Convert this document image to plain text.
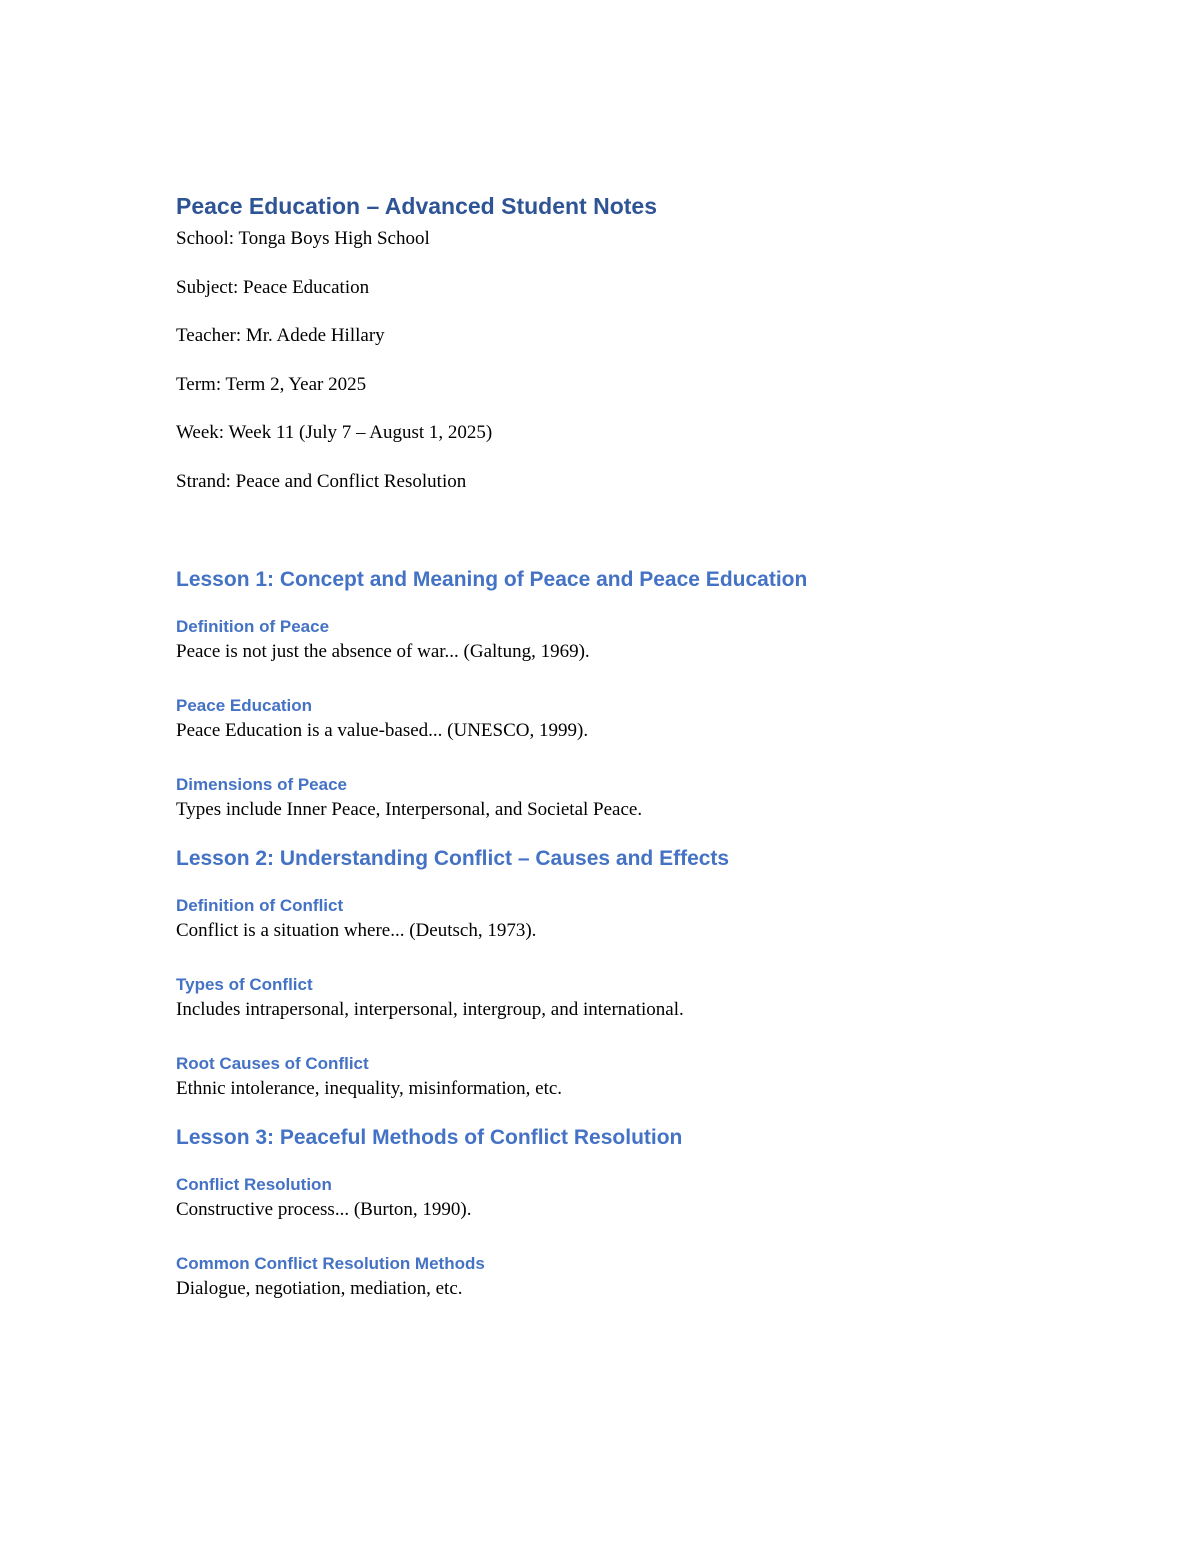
Peace Education – Advanced Student Notes

School: Tonga Boys High School

Subject: Peace Education

Teacher: Mr. Adede Hillary

Term: Term 2, Year 2025

Week: Week 11 (July 7 – August 1, 2025)

Strand: Peace and Conflict Resolution

Lesson 1: Concept and Meaning of Peace and Peace Education
Definition of Peace

Peace is not just the absence of war... (Galtung, 1969).

Peace Education

Peace Education is a value-based... (UNESCO, 1999).

Dimensions of Peace

Types include Inner Peace, Interpersonal, and Societal Peace.

Lesson 2: Understanding Conflict – Causes and Effects
Definition of Conflict

Conflict is a situation where... (Deutsch, 1973).

Types of Conflict

Includes intrapersonal, interpersonal, intergroup, and international.

Root Causes of Conflict

Ethnic intolerance, inequality, misinformation, etc.

Lesson 3: Peaceful Methods of Conflict Resolution
Conflict Resolution

Constructive process... (Burton, 1990).

Common Conflict Resolution Methods

Dialogue, negotiation, mediation, etc.
